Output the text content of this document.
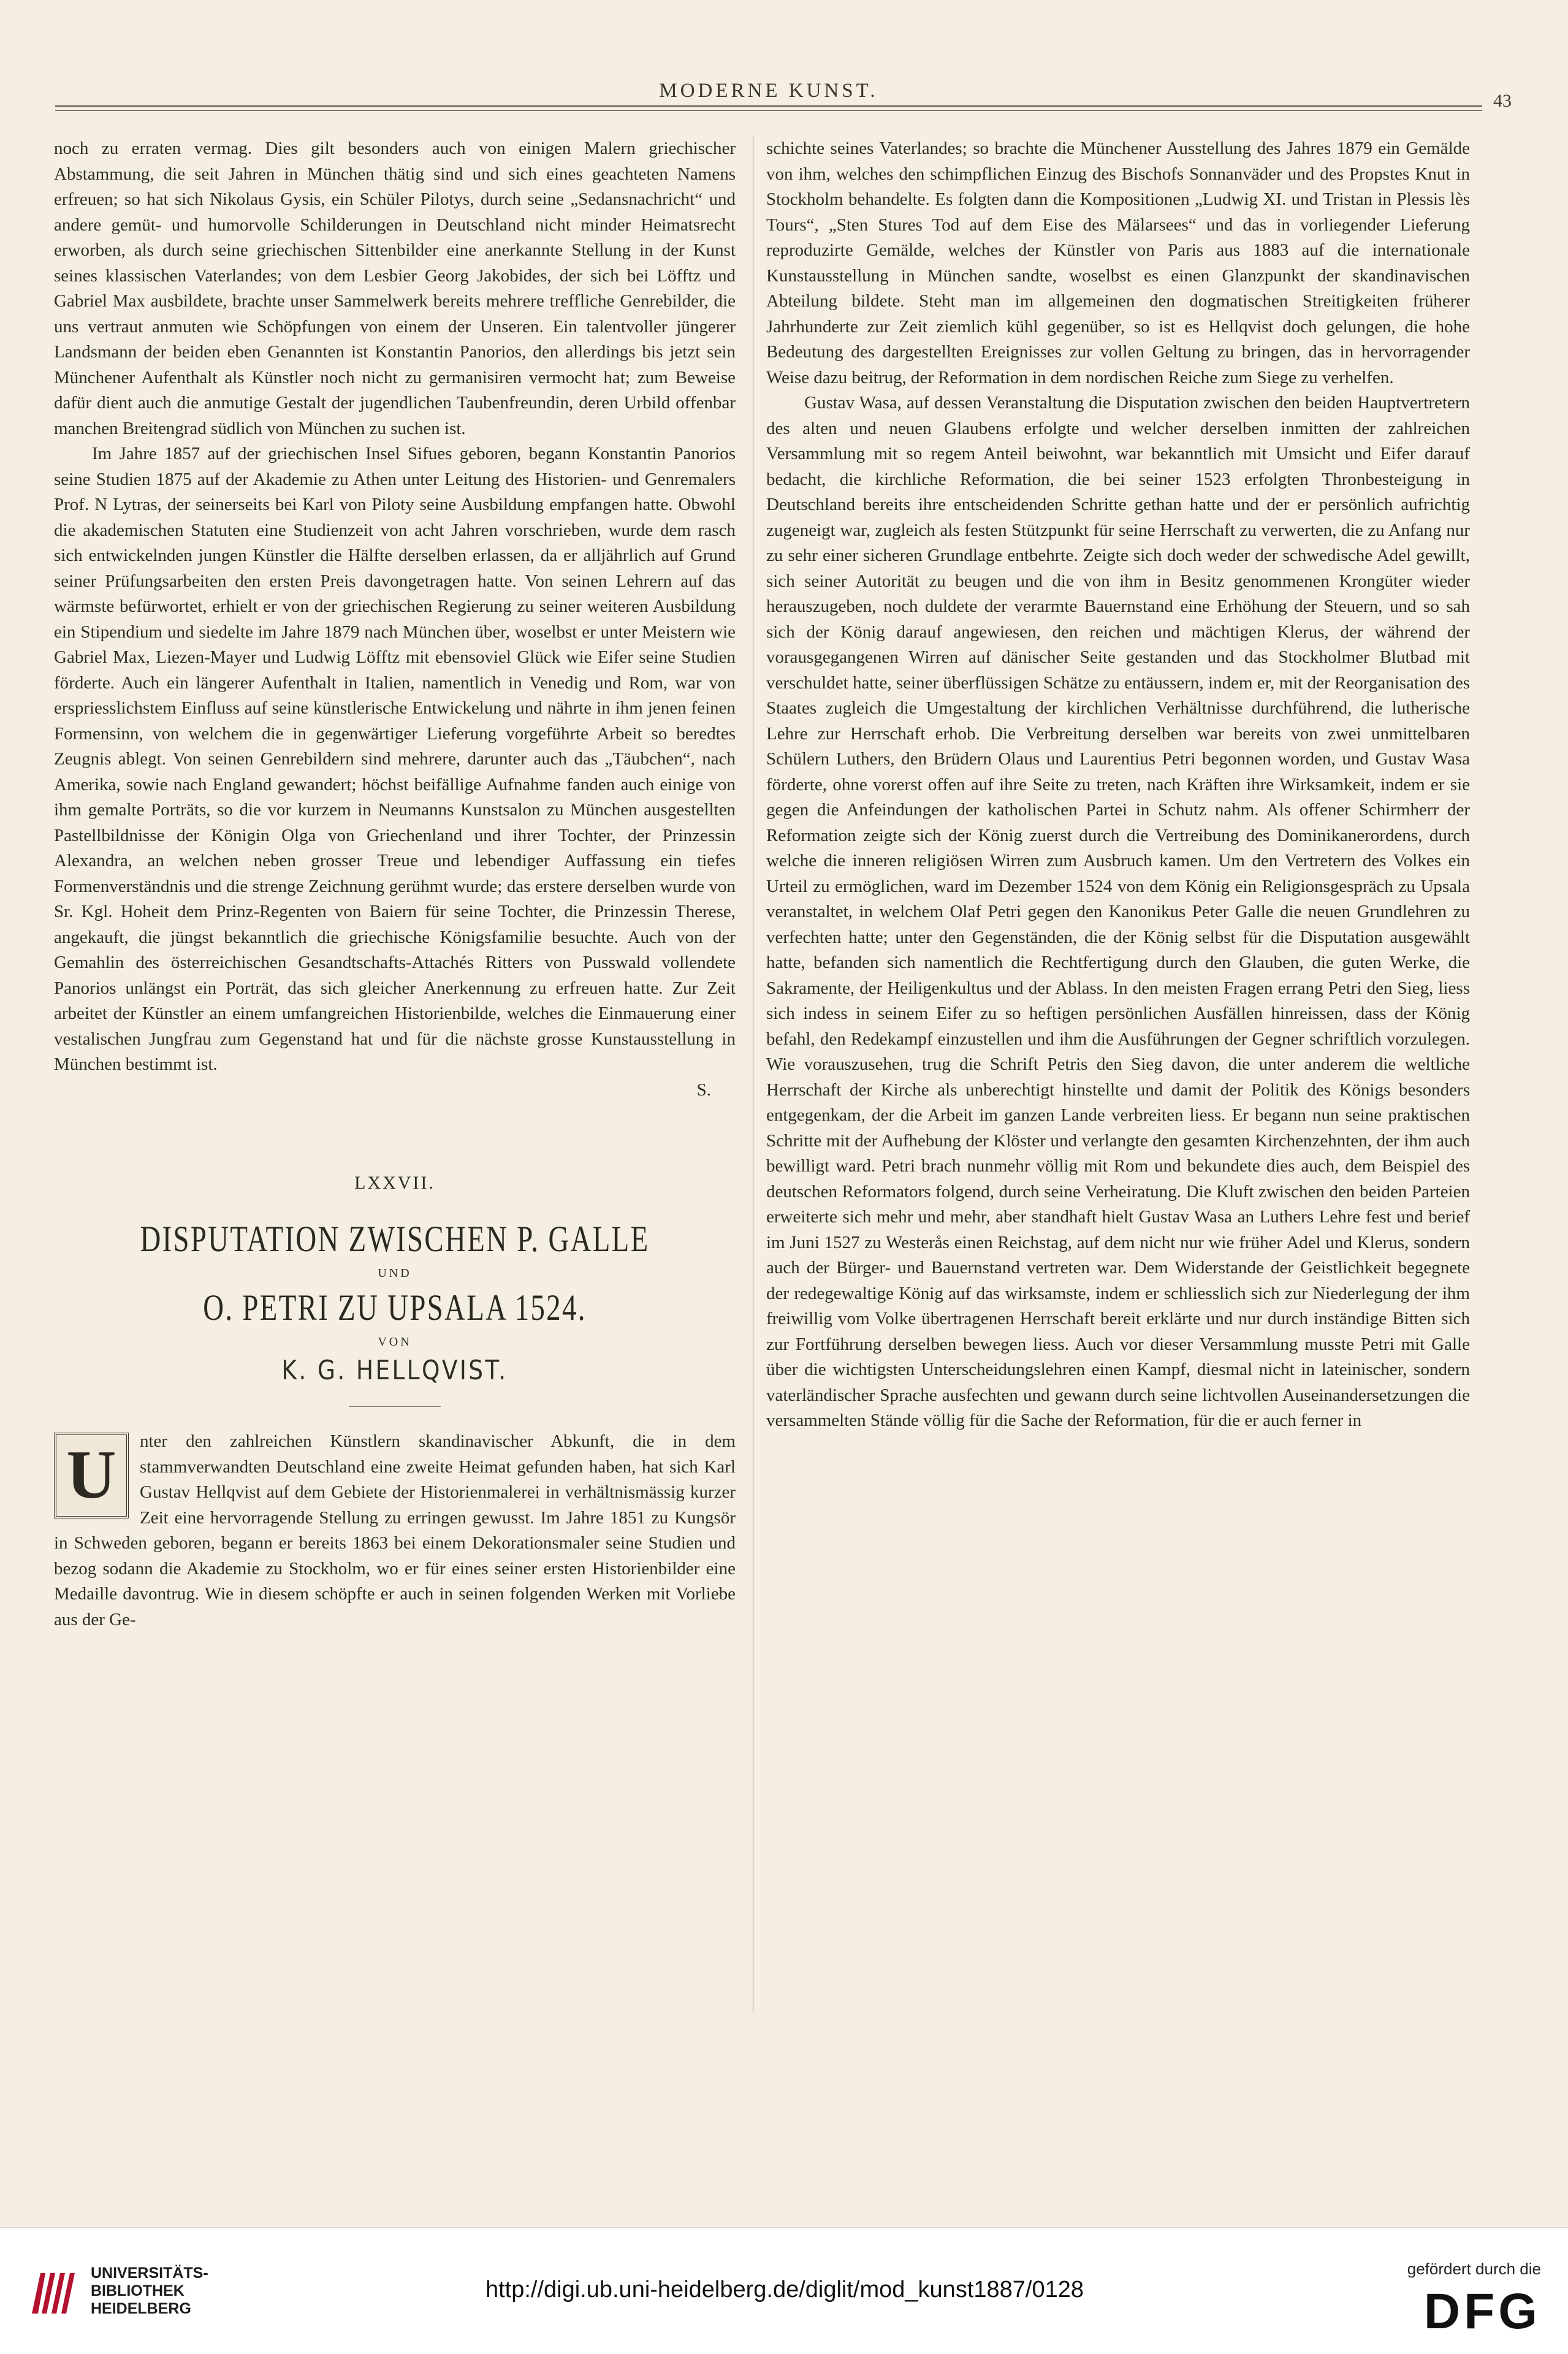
MODERNE KUNST.	43

noch zu erraten vermag. Dies gilt besonders auch von einigen Malern griechischer Abstammung, die seit Jahren in München thätig sind und sich eines geachteten Namens erfreuen; so hat sich Nikolaus Gysis, ein Schüler Pilotys, durch seine „Sedansnachricht“ und andere gemüt- und humorvolle Schilderungen in Deutschland nicht minder Heimatsrecht erworben, als durch seine griechischen Sittenbilder eine anerkannte Stellung in der Kunst seines klassischen Vaterlandes; von dem Lesbier Georg Jakobides, der sich bei Löfftz und Gabriel Max ausbildete, brachte unser Sammelwerk bereits mehrere treffliche Genrebilder, die uns vertraut anmuten wie Schöpfungen von einem der Unseren. Ein talentvoller jüngerer Landsmann der beiden eben Genannten ist Konstantin Panorios, den allerdings bis jetzt sein Münchener Aufenthalt als Künstler noch nicht zu germanisiren vermocht hat; zum Beweise dafür dient auch die anmutige Gestalt der jugendlichen Taubenfreundin, deren Urbild offenbar manchen Breitengrad südlich von München zu suchen ist.

Im Jahre 1857 auf der griechischen Insel Sifues geboren, begann Konstantin Panorios seine Studien 1875 auf der Akademie zu Athen unter Leitung des Historien- und Genremalers Prof. N Lytras, der seinerseits bei Karl von Piloty seine Ausbildung empfangen hatte. Obwohl die akademischen Statuten eine Studienzeit von acht Jahren vorschrieben, wurde dem rasch sich entwickelnden jungen Künstler die Hälfte derselben erlassen, da er alljährlich auf Grund seiner Prüfungsarbeiten den ersten Preis davongetragen hatte. Von seinen Lehrern auf das wärmste befürwortet, erhielt er von der griechischen Regierung zu seiner weiteren Ausbildung ein Stipendium und siedelte im Jahre 1879 nach München über, woselbst er unter Meistern wie Gabriel Max, Liezen-Mayer und Ludwig Löfftz mit ebensoviel Glück wie Eifer seine Studien förderte. Auch ein längerer Aufenthalt in Italien, namentlich in Venedig und Rom, war von erspriesslichstem Einfluss auf seine künstlerische Entwickelung und nährte in ihm jenen feinen Formensinn, von welchem die in gegenwärtiger Lieferung vorgeführte Arbeit so beredtes Zeugnis ablegt. Von seinen Genrebildern sind mehrere, darunter auch das „Täubchen“, nach Amerika, sowie nach England gewandert; höchst beifällige Aufnahme fanden auch einige von ihm gemalte Porträts, so die vor kurzem in Neumanns Kunstsalon zu München ausgestellten Pastellbildnisse der Königin Olga von Griechenland und ihrer Tochter, der Prinzessin Alexandra, an welchen neben grosser Treue und lebendiger Auffassung ein tiefes Formenverständnis und die strenge Zeichnung gerühmt wurde; das erstere derselben wurde von Sr. Kgl. Hoheit dem Prinz-Regenten von Baiern für seine Tochter, die Prinzessin Therese, angekauft, die jüngst bekanntlich die griechische Königsfamilie besuchte. Auch von der Gemahlin des österreichischen Gesandtschafts-Attachés Ritters von Pusswald vollendete Panorios unlängst ein Porträt, das sich gleicher Anerkennung zu erfreuen hatte. Zur Zeit arbeitet der Künstler an einem umfangreichen Historienbilde, welches die Einmauerung einer vestalischen Jungfrau zum Gegenstand hat und für die nächste grosse Kunstausstellung in München bestimmt ist.

S.
LXXVII.
DISPUTATION ZWISCHEN P. GALLE
UND
O. PETRI ZU UPSALA 1524.
VON
K. G. HELLQVIST.
U	nter den zahlreichen Künstlern skandinavischer Abkunft, die in dem stammverwandten Deutschland eine zweite Heimat gefunden haben, hat sich Karl Gustav Hellqvist auf dem Gebiete der Historienmalerei in verhältnismässig kurzer Zeit eine hervorragende Stellung zu erringen gewusst. Im Jahre 1851 zu Kungsör in Schweden geboren, begann er bereits 1863 bei einem Dekorationsmaler seine Studien und bezog sodann die Akademie zu Stockholm, wo er für eines seiner ersten Historienbilder eine Medaille davontrug. Wie in diesem schöpfte er auch in seinen folgenden Werken mit Vorliebe aus der Ge-

schichte seines Vaterlandes; so brachte die Münchener Ausstellung des Jahres 1879 ein Gemälde von ihm, welches den schimpflichen Einzug des Bischofs Sonnanväder und des Propstes Knut in Stockholm behandelte. Es folgten dann die Kompositionen „Ludwig XI. und Tristan in Plessis lès Tours“, „Sten Stures Tod auf dem Eise des Mälarsees“ und das in vorliegender Lieferung reproduzirte Gemälde, welches der Künstler von Paris aus 1883 auf die internationale Kunstausstellung in München sandte, woselbst es einen Glanzpunkt der skandinavischen Abteilung bildete. Steht man im allgemeinen den dogmatischen Streitigkeiten früherer Jahrhunderte zur Zeit ziemlich kühl gegenüber, so ist es Hellqvist doch gelungen, die hohe Bedeutung des dargestellten Ereignisses zur vollen Geltung zu bringen, das in hervorragender Weise dazu beitrug, der Reformation in dem nordischen Reiche zum Siege zu verhelfen.

Gustav Wasa, auf dessen Veranstaltung die Disputation zwischen den beiden Hauptvertretern des alten und neuen Glaubens erfolgte und welcher derselben inmitten der zahlreichen Versammlung mit so regem Anteil beiwohnt, war bekanntlich mit Umsicht und Eifer darauf bedacht, die kirchliche Reformation, die bei seiner 1523 erfolgten Thronbesteigung in Deutschland bereits ihre entscheidenden Schritte gethan hatte und der er persönlich aufrichtig zugeneigt war, zugleich als festen Stützpunkt für seine Herrschaft zu verwerten, die zu Anfang nur zu sehr einer sicheren Grundlage entbehrte. Zeigte sich doch weder der schwedische Adel gewillt, sich seiner Autorität zu beugen und die von ihm in Besitz genommenen Krongüter wieder herauszugeben, noch duldete der verarmte Bauernstand eine Erhöhung der Steuern, und so sah sich der König darauf angewiesen, den reichen und mächtigen Klerus, der während der vorausgegangenen Wirren auf dänischer Seite gestanden und das Stockholmer Blutbad mit verschuldet hatte, seiner überflüssigen Schätze zu entäussern, indem er, mit der Reorganisation des Staates zugleich die Umgestaltung der kirchlichen Verhältnisse durchführend, die lutherische Lehre zur Herrschaft erhob. Die Verbreitung derselben war bereits von zwei unmittelbaren Schülern Luthers, den Brüdern Olaus und Laurentius Petri begonnen worden, und Gustav Wasa förderte, ohne vorerst offen auf ihre Seite zu treten, nach Kräften ihre Wirksamkeit, indem er sie gegen die Anfeindungen der katholischen Partei in Schutz nahm. Als offener Schirmherr der Reformation zeigte sich der König zuerst durch die Vertreibung des Dominikanerordens, durch welche die inneren religiösen Wirren zum Ausbruch kamen. Um den Vertretern des Volkes ein Urteil zu ermöglichen, ward im Dezember 1524 von dem König ein Religionsgespräch zu Upsala veranstaltet, in welchem Olaf Petri gegen den Kanonikus Peter Galle die neuen Grundlehren zu verfechten hatte; unter den Gegenständen, die der König selbst für die Disputation ausgewählt hatte, befanden sich namentlich die Rechtfertigung durch den Glauben, die guten Werke, die Sakramente, der Heiligenkultus und der Ablass. In den meisten Fragen errang Petri den Sieg, liess sich indess in seinem Eifer zu so heftigen persönlichen Ausfällen hinreissen, dass der König befahl, den Redekampf einzustellen und ihm die Ausführungen der Gegner schriftlich vorzulegen. Wie vorauszusehen, trug die Schrift Petris den Sieg davon, die unter anderem die weltliche Herrschaft der Kirche als unberechtigt hinstellte und damit der Politik des Königs besonders entgegenkam, der die Arbeit im ganzen Lande verbreiten liess. Er begann nun seine praktischen Schritte mit der Aufhebung der Klöster und verlangte den gesamten Kirchenzehnten, der ihm auch bewilligt ward. Petri brach nunmehr völlig mit Rom und bekundete dies auch, dem Beispiel des deutschen Reformators folgend, durch seine Verheiratung. Die Kluft zwischen den beiden Parteien erweiterte sich mehr und mehr, aber standhaft hielt Gustav Wasa an Luthers Lehre fest und berief im Juni 1527 zu Westerås einen Reichstag, auf dem nicht nur wie früher Adel und Klerus, sondern auch der Bürger- und Bauernstand vertreten war. Dem Widerstande der Geistlichkeit begegnete der redegewaltige König auf das wirksamste, indem er schliesslich sich zur Niederlegung der ihm freiwillig vom Volke übertragenen Herrschaft bereit erklärte und nur durch inständige Bitten sich zur Fortführung derselben bewegen liess. Auch vor dieser Versammlung musste Petri mit Galle über die wichtigsten Unterscheidungslehren einen Kampf, diesmal nicht in lateinischer, sondern vaterländischer Sprache ausfechten und gewann durch seine lichtvollen Auseinandersetzungen die versammelten Stände völlig für die Sache der Reformation, für die er auch ferner in

UNIVERSITÄTS-
BIBLIOTHEK
HEIDELBERG
http://digi.ub.uni-heidelberg.de/diglit/mod_kunst1887/0128
gefördert durch die
DFG
